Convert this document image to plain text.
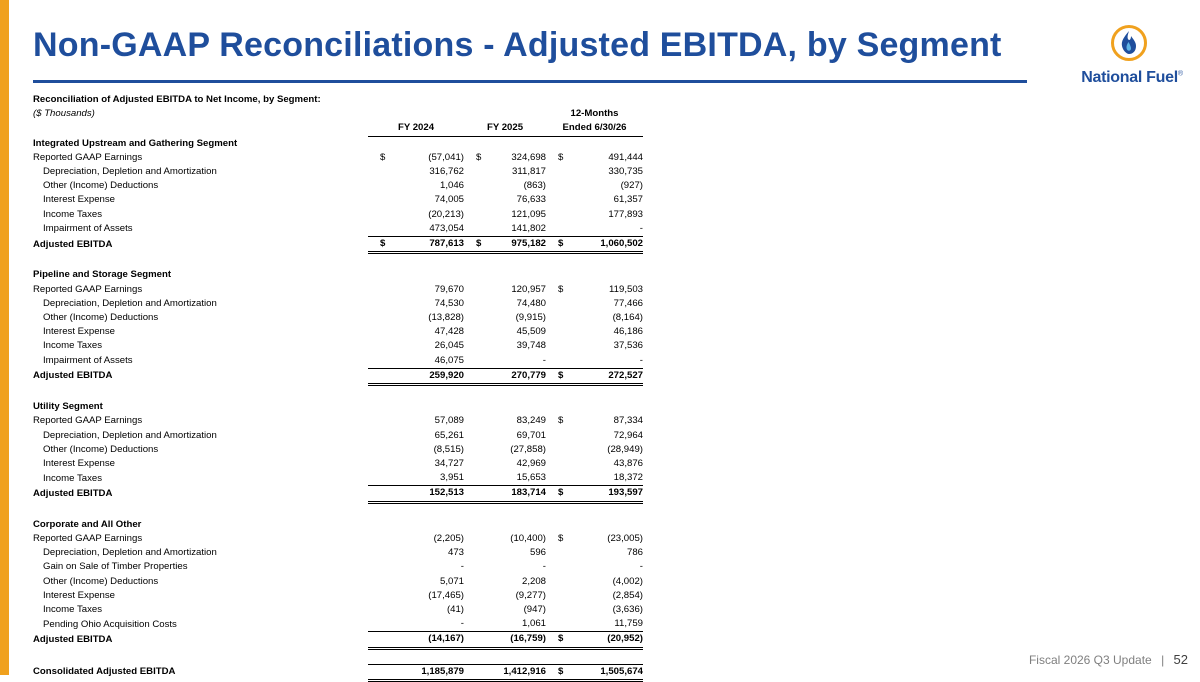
Non-GAAP Reconciliations - Adjusted EBITDA, by Segment
National Fuel®
Reconciliation of Adjusted EBITDA to Net Income, by Segment:						
($ Thousands)					12-Months	
	FY 2024		FY 2025		Ended 6/30/26	
Integrated Upstream and Gathering Segment						
Reported GAAP Earnings	$	(57,041)	$	324,698	$	491,444
Depreciation, Depletion and Amortization		316,762		311,817		330,735
Other (Income) Deductions		1,046		(863)		(927)
Interest Expense		74,005		76,633		61,357
Income Taxes		(20,213)		121,095		177,893
Impairment of Assets		473,054		141,802		-
Adjusted EBITDA	$	787,613	$	975,182	$	1,060,502

Pipeline and Storage Segment						
Reported GAAP Earnings		79,670		120,957	$	119,503
Depreciation, Depletion and Amortization		74,530		74,480		77,466
Other (Income) Deductions		(13,828)		(9,915)		(8,164)
Interest Expense		47,428		45,509		46,186
Income Taxes		26,045		39,748		37,536
Impairment of Assets		46,075		-		-
Adjusted EBITDA		259,920		270,779	$	272,527

Utility Segment						
Reported GAAP Earnings		57,089		83,249	$	87,334
Depreciation, Depletion and Amortization		65,261		69,701		72,964
Other (Income) Deductions		(8,515)		(27,858)		(28,949)
Interest Expense		34,727		42,969		43,876
Income Taxes		3,951		15,653		18,372
Adjusted EBITDA		152,513		183,714	$	193,597

Corporate and All Other						
Reported GAAP Earnings		(2,205)		(10,400)	$	(23,005)
Depreciation, Depletion and Amortization		473		596		786
Gain on Sale of Timber Properties		-		-		-
Other (Income) Deductions		5,071		2,208		(4,002)
Interest Expense		(17,465)		(9,277)		(2,854)
Income Taxes		(41)		(947)		(3,636)
Pending Ohio Acquisition Costs		-		1,061		11,759
Adjusted EBITDA		(14,167)		(16,759)	$	(20,952)

Consolidated Adjusted EBITDA		1,185,879		1,412,916	$	1,505,674
Fiscal 2026 Q3 Update | 52
